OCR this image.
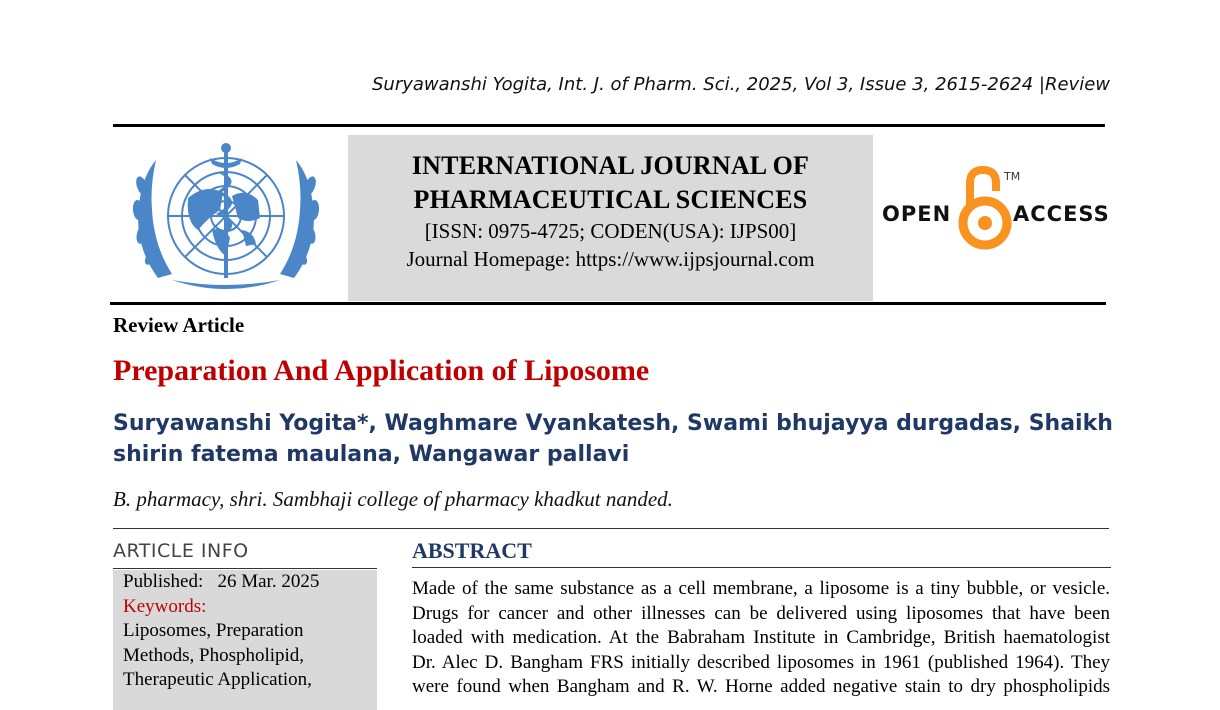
Suryawanshi Yogita, Int. J. of Pharm. Sci., 2025, Vol 3, Issue 3, 2615-2624 |Review
INTERNATIONAL JOURNAL OF
PHARMACEUTICAL SCIENCES
[ISSN: 0975-4725; CODEN(USA): IJPS00]
Journal Homepage: https://www.ijpsjournal.com
OPEN
TM
ACCESS
Review Article
Preparation And Application of Liposome
Suryawanshi Yogita*, Waghmare Vyankatesh, Swami bhujayya durgadas, Shaikh
shirin fatema maulana, Wangawar pallavi
B. pharmacy, shri. Sambhaji college of pharmacy khadkut nanded.
ARTICLE INFO
Published: 26 Mar. 2025
Keywords:
Liposomes, Preparation
Methods, Phospholipid,
Therapeutic Application,
ABSTRACT
Made of the same substance as a cell membrane, a liposome is a tiny bubble, or vesicle.
Drugs for cancer and other illnesses can be delivered using liposomes that have been
loaded with medication. At the Babraham Institute in Cambridge, British haematologist
Dr. Alec D. Bangham FRS initially described liposomes in 1961 (published 1964). They
were found when Bangham and R. W. Horne added negative stain to dry phospholipids
